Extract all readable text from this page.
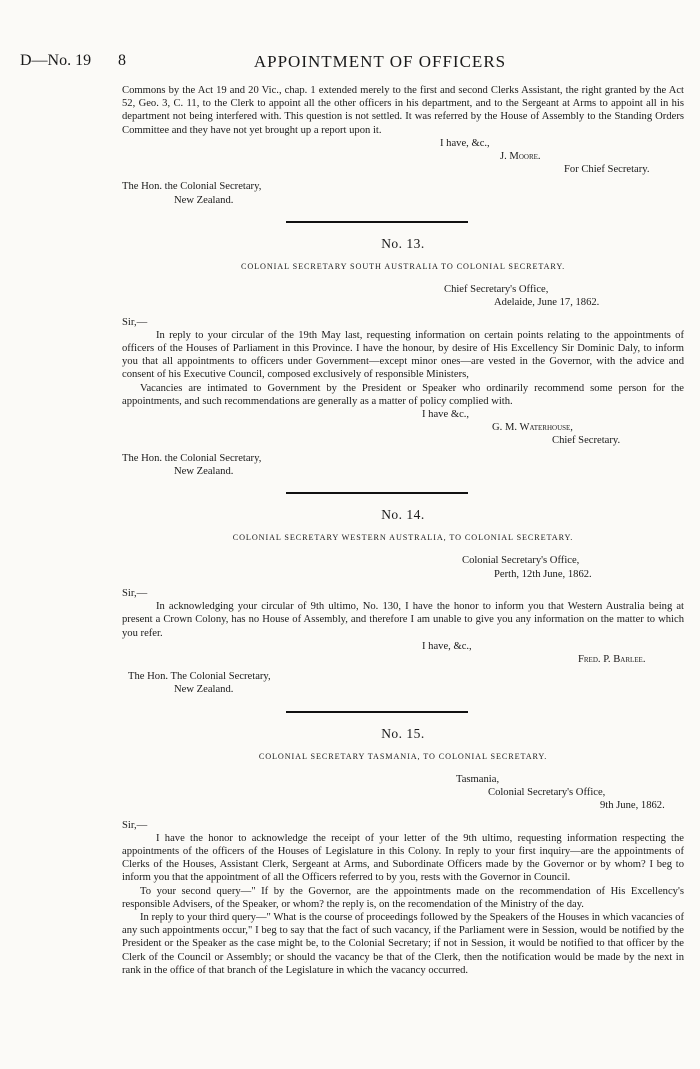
D—No. 19 8	APPOINTMENT OF OFFICERS

Commons by the Act 19 and 20 Vic., chap. 1 extended merely to the first and second Clerks Assistant, the right granted by the Act 52, Geo. 3, C. 11, to the Clerk to appoint all the other officers in his department, and to the Sergeant at Arms to appoint all in his department not being interfered with. This question is not settled. It was referred by the House of Assembly to the Standing Orders Committee and they have not yet brought up a report upon it.

I have, &c.,

J. Moore.

For Chief Secretary.

The Hon. the Colonial Secretary,

New Zealand.

No. 13.
COLONIAL SECRETARY SOUTH AUSTRALIA TO COLONIAL SECRETARY.

Chief Secretary's Office,

Adelaide, June 17, 1862.

Sir,—

In reply to your circular of the 19th May last, requesting information on certain points relating to the appointments of officers of the Houses of Parliament in this Province. I have the honour, by desire of His Excellency Sir Dominic Daly, to inform you that all appointments to officers under Government—except minor ones—are vested in the Governor, with the advice and consent of his Executive Council, composed exclusively of responsible Ministers,

Vacancies are intimated to Government by the President or Speaker who ordinarily recommend some person for the appointments, and such recommendations are generally as a matter of policy complied with.

I have &c.,

G. M. Waterhouse,

Chief Secretary.

The Hon. the Colonial Secretary,

New Zealand.

No. 14.
COLONIAL SECRETARY WESTERN AUSTRALIA, TO COLONIAL SECRETARY.

Colonial Secretary's Office,

Perth, 12th June, 1862.

Sir,—

In acknowledging your circular of 9th ultimo, No. 130, I have the honor to inform you that Western Australia being at present a Crown Colony, has no House of Assembly, and therefore I am unable to give you any information on the matter to which you refer.

I have, &c.,

Fred. P. Barlee.

The Hon. The Colonial Secretary,

New Zealand.

No. 15.
COLONIAL SECRETARY TASMANIA, TO COLONIAL SECRETARY.

Tasmania,

Colonial Secretary's Office,

9th June, 1862.

Sir,—

I have the honor to acknowledge the receipt of your letter of the 9th ultimo, requesting information respecting the appointments of the officers of the Houses of Legislature in this Colony. In reply to your first inquiry—are the appointments of Clerks of the Houses, Assistant Clerk, Sergeant at Arms, and Subordinate Officers made by the Governor or by whom? I beg to inform you that the appointment of all the Officers referred to by you, rests with the Governor in Council.

To your second query—" If by the Governor, are the appointments made on the recommendation of His Excellency's responsible Advisers, of the Speaker, or whom? the reply is, on the recomendation of the Ministry of the day.

In reply to your third query—" What is the course of proceedings followed by the Speakers of the Houses in which vacancies of any such appointments occur," I beg to say that the fact of such vacancy, if the Parliament were in Session, would be notified by the President or the Speaker as the case might be, to the Colonial Secretary; if not in Session, it would be notified to that officer by the Clerk of the Council or Assembly; or should the vacancy be that of the Clerk, then the notification would be made by the next in rank in the office of that branch of the Legislature in which the vacancy occurred.
